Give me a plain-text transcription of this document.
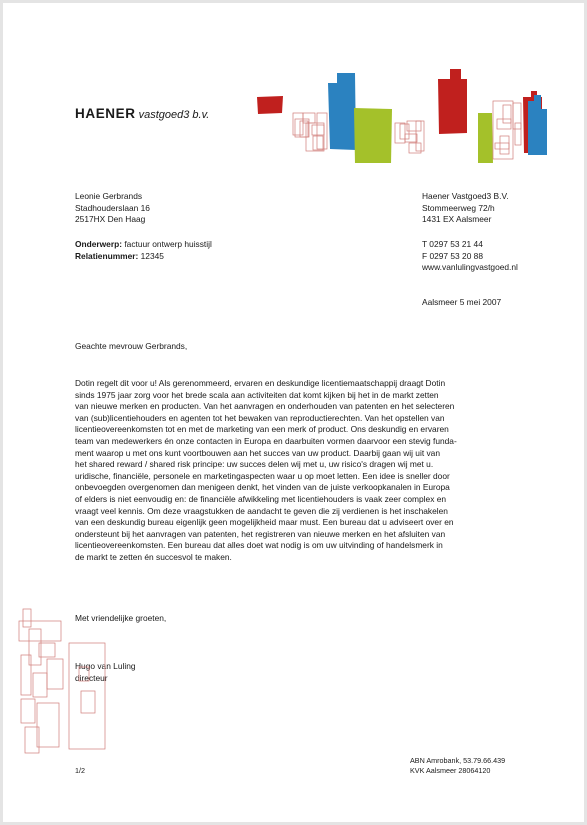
HAENER vastgoed3 b.v.
Leonie Gerbrands
Stadhouderslaan 16
2517HX Den Haag
Onderwerp: factuur ontwerp huisstijl
Relatienummer: 12345
Haener Vastgoed3 B.V.
Stommeerweg 72/h
1431 EX Aalsmeer
T 0297 53 21 44
F 0297 53 20 88
www.vanlulingvastgoed.nl
Aalsmeer 5 mei 2007
Geachte mevrouw Gerbrands,
Dotin regelt dit voor u! Als gerenommeerd, ervaren en deskundige licentiemaatschappij draagt Dotin
sinds 1975 jaar zorg voor het brede scala aan activiteiten dat komt kijken bij het in de markt zetten
van nieuwe merken en producten. Van het aanvragen en onderhouden van patenten en het selecteren
van (sub)licentiehouders en agenten tot het bewaken van reproductierechten. Van het opstellen van
licentieovereenkomsten tot en met de marketing van een merk of product. Ons deskundig en ervaren
team van medewerkers én onze contacten in Europa en daarbuiten vormen daarvoor een stevig funda-
ment waarop u met ons kunt voortbouwen aan het succes van uw product. Daarbij gaan wij uit van
het shared reward / shared risk principe: uw succes delen wij met u, uw risico's dragen wij met u.
uridische, financiële, personele en marketingaspecten waar u op moet letten. Een idee is sneller door
onbevoegden overgenomen dan menigeen denkt, het vinden van de juiste verkoopkanalen in Europa
of elders is niet eenvoudig en: de financiële afwikkeling met licentiehouders is vaak zeer complex en
vraagt veel kennis. Om deze vraagstukken de aandacht te geven die zij verdienen is het inschakelen
van een deskundig bureau eigenlijk geen mogelijkheid maar must. Een bureau dat u adviseert over en
ondersteunt bij het aanvragen van patenten, het registreren van nieuwe merken en het afsluiten van
licentieovereenkomsten. Een bureau dat alles doet wat nodig is om uw uitvinding of handelsmerk in
de markt te zetten én succesvol te maken.
Met vriendelijke groeten,
Hugo van Luling
directeur
1/2
ABN Amrobank, 53.79.66.439
KVK Aalsmeer 28064120
